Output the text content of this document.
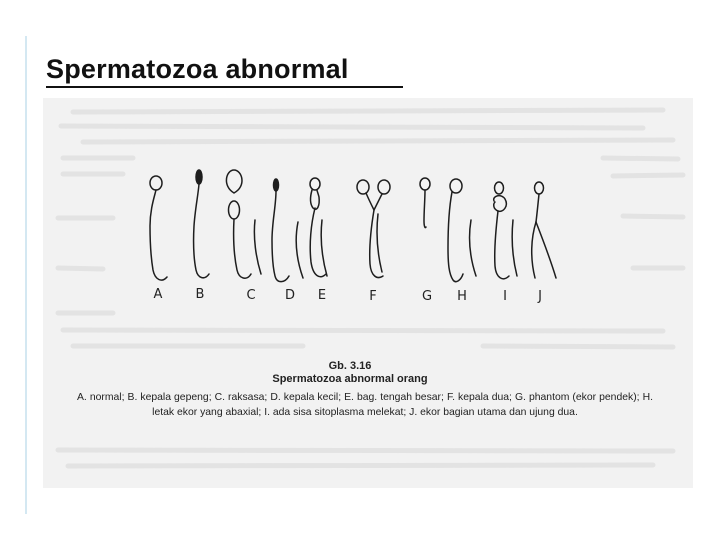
Spermatozoa abnormal
A	B	C D E	F	G H	I J
Gb. 3.16
Spermatozoa abnormal orang
A. normal; B. kepala gepeng; C. raksasa; D. kepala kecil; E. bag. tengah besar; F. kepala dua; G. phantom (ekor pendek); H. letak ekor yang abaxial; I. ada sisa sitoplasma melekat; J. ekor bagian utama dan ujung dua.
